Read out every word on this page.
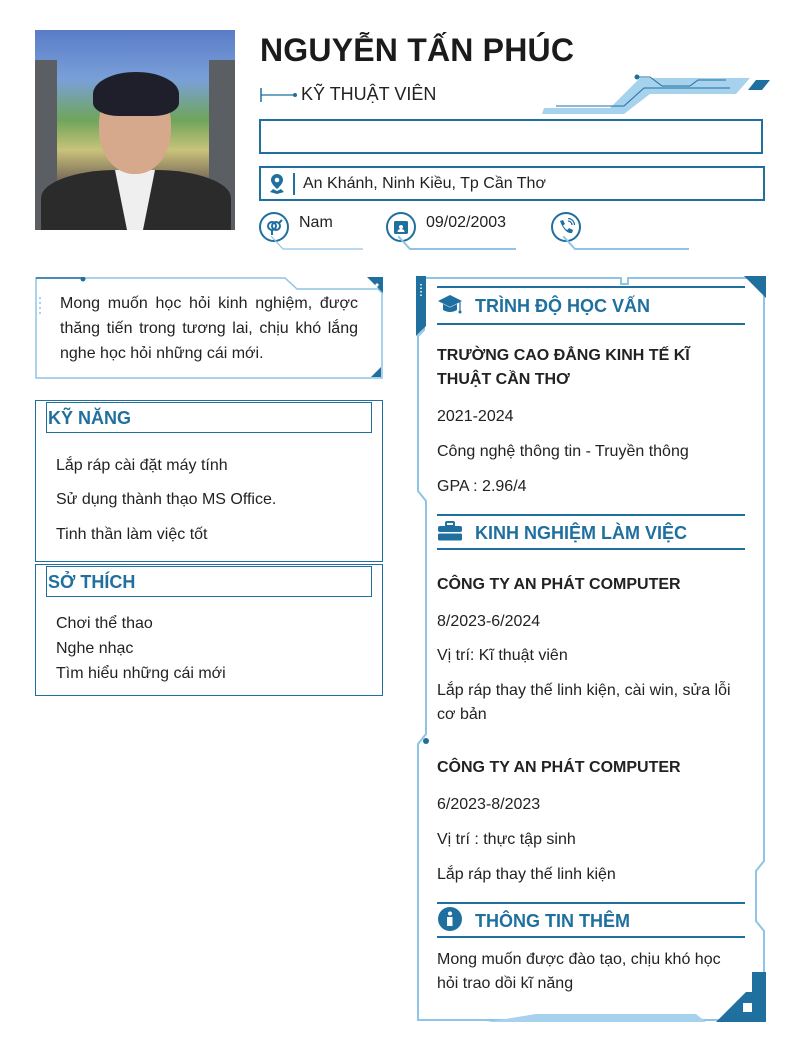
NGUYỄN TẤN PHÚC
KỸ THUẬT VIÊN
An Khánh, Ninh Kiều, Tp Cần Thơ
Nam	09/02/2003
Mong muốn học hỏi kinh nghiệm, được thăng tiến trong tương lai, chịu khó lắng nghe học hỏi những cái mới.
KỸ NĂNG
Lắp ráp cài đặt máy tính
Sử dụng thành thạo MS Office.
Tinh thần làm việc tốt
SỞ THÍCH
Chơi thể thao
Nghe nhạc
Tìm hiểu những cái mới
TRÌNH ĐỘ HỌC VẤN
TRƯỜNG CAO ĐẲNG KINH TẾ KĨ THUẬT CẦN THƠ
2021-2024
Công nghệ thông tin - Truyền thông
GPA : 2.96/4
KINH NGHIỆM LÀM VIỆC
CÔNG TY AN PHÁT COMPUTER
8/2023-6/2024
Vị trí: Kĩ thuật viên
Lắp ráp thay thế linh kiện, cài win, sửa lỗi cơ bản
CÔNG TY AN PHÁT COMPUTER
6/2023-8/2023
Vị trí : thực tập sinh
Lắp ráp thay thế linh kiện
THÔNG TIN THÊM
Mong muốn được đào tạo, chịu khó học hỏi trao dồi kĩ năng
